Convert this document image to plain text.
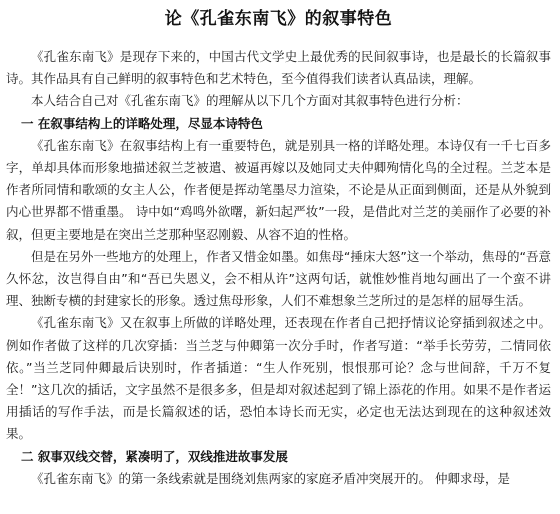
论《孔雀东南飞》的叙事特色

《孔雀东南飞》是现存下来的，中国古代文学史上最优秀的民间叙事诗，也是最长的长篇叙事诗。其作品具有自己鲜明的叙事特色和艺术特色，至今值得我们读者认真品读，理解。

本人结合自己对《孔雀东南飞》的理解从以下几个方面对其叙事特色进行分析：

一 在叙事结构上的详略处理，尽显本诗特色

《孔雀东南飞》在叙事结构上有一重要特色，就是别具一格的详略处理。本诗仅有一千七百多字，单却具体而形象地描述叙兰芝被遣、被逼再嫁以及她同丈夫仲卿殉情化鸟的全过程。兰芝本是作者所同情和歌颂的女主人公，作者便是挥动笔墨尽力渲染，不论是从正面到侧面，还是从外貌到内心世界都不惜重墨。 诗中如“鸡鸣外欲曙，新妇起严妆”一段，是借此对兰芝的美丽作了必要的补叙，但更主要地是在突出兰芝那种坚忍刚毅、从容不迫的性格。

但是在另外一些地方的处理上，作者又惜金如墨。如焦母“捶床大怒”这一个举动，焦母的“吾意久怀忿，汝岂得自由”和“吾已失恩义，会不相从许”这两句话，就惟妙惟肖地勾画出了一个蛮不讲理、独断专横的封建家长的形象。透过焦母形象，人们不难想象兰芝所过的是怎样的屈辱生活。

《孔雀东南飞》又在叙事上所做的详略处理，还表现在作者自己把抒情议论穿插到叙述之中。例如作者做了这样的几次穿插：当兰芝与仲卿第一次分手时，作者写道：“举手长劳劳，二情同依依。”当兰芝同仲卿最后诀别时，作者插道：“生人作死别，恨恨那可论？念与世间辞，千万不复全！”这几次的插话，文字虽然不是很多多，但是却对叙述起到了锦上添花的作用。如果不是作者运用插话的写作手法，而是长篇叙述的话，恐怕本诗长而无实，必定也无法达到现在的这种叙述效果。

二 叙事双线交替，紧凑明了，双线推进故事发展

《孔雀东南飞》的第一条线索就是围绕刘焦两家的家庭矛盾冲突展开的。 仲卿求母，是
